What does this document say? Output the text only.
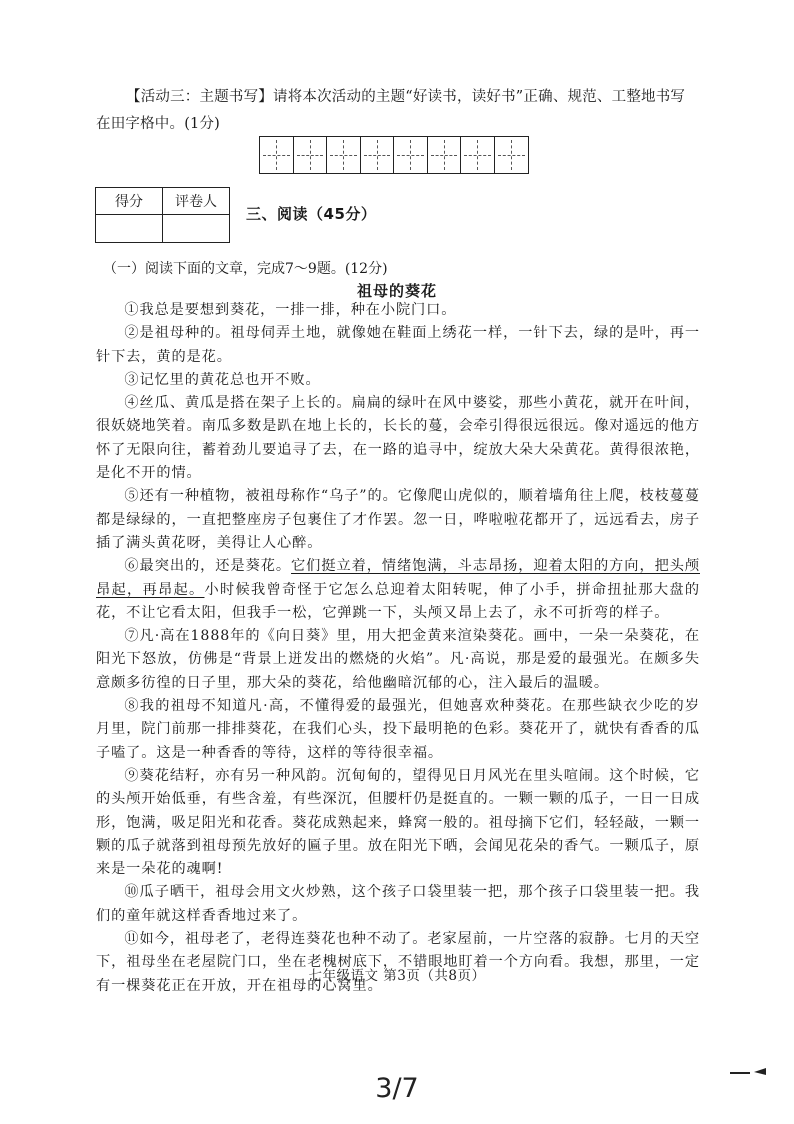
【活动三：主题书写】请将本次活动的主题“好读书，读好书”正确、规范、工整地书写在田字格中。(1分)
得分	评卷人

三、阅读（45分）
（一）阅读下面的文章，完成7～9题。(12分)
祖母的葵花

①我总是要想到葵花，一排一排，种在小院门口。

②是祖母种的。祖母伺弄土地，就像她在鞋面上绣花一样，一针下去，绿的是叶，再一针下去，黄的是花。

③记忆里的黄花总也开不败。

④丝瓜、黄瓜是搭在架子上长的。扁扁的绿叶在风中婆娑，那些小黄花，就开在叶间，很妖娆地笑着。南瓜多数是趴在地上长的，长长的蔓，会牵引得很远很远。像对遥远的他方怀了无限向往，蓄着劲儿要追寻了去，在一路的追寻中，绽放大朵大朵黄花。黄得很浓艳，是化不开的情。

⑤还有一种植物，被祖母称作“乌子”的。它像爬山虎似的，顺着墙角往上爬，枝枝蔓蔓都是绿绿的，一直把整座房子包裹住了才作罢。忽一日，哗啦啦花都开了，远远看去，房子插了满头黄花呀，美得让人心醉。

⑥最突出的，还是葵花。它们挺立着，情绪饱满，斗志昂扬，迎着太阳的方向，把头颅昂起，再昂起。小时候我曾奇怪于它怎么总迎着太阳转呢，伸了小手，拼命扭扯那大盘的花，不让它看太阳，但我手一松，它弹跳一下，头颅又昂上去了，永不可折弯的样子。

⑦凡·高在1888年的《向日葵》里，用大把金黄来渲染葵花。画中，一朵一朵葵花，在阳光下怒放，仿佛是“背景上迸发出的燃烧的火焰”。凡·高说，那是爱的最强光。在颇多失意颇多彷徨的日子里，那大朵的葵花，给他幽暗沉郁的心，注入最后的温暖。

⑧我的祖母不知道凡·高，不懂得爱的最强光，但她喜欢种葵花。在那些缺衣少吃的岁月里，院门前那一排排葵花，在我们心头，投下最明艳的色彩。葵花开了，就快有香香的瓜子嗑了。这是一种香香的等待，这样的等待很幸福。

⑨葵花结籽，亦有另一种风韵。沉甸甸的，望得见日月风光在里头喧闹。这个时候，它的头颅开始低垂，有些含羞，有些深沉，但腰杆仍是挺直的。一颗一颗的瓜子，一日一日成形，饱满，吸足阳光和花香。葵花成熟起来，蜂窝一般的。祖母摘下它们，轻轻敲，一颗一颗的瓜子就落到祖母预先放好的匾子里。放在阳光下晒，会闻见花朵的香气。一颗瓜子，原来是一朵花的魂啊!

⑩瓜子晒干，祖母会用文火炒熟，这个孩子口袋里装一把，那个孩子口袋里装一把。我们的童年就这样香香地过来了。

⑪如今，祖母老了，老得连葵花也种不动了。老家屋前，一片空落的寂静。七月的天空下，祖母坐在老屋院门口，坐在老槐树底下，不错眼地盯着一个方向看。我想，那里，一定有一棵葵花正在开放，开在祖母的心窝里。

七年级语文 第3页（共8页）
3/7
